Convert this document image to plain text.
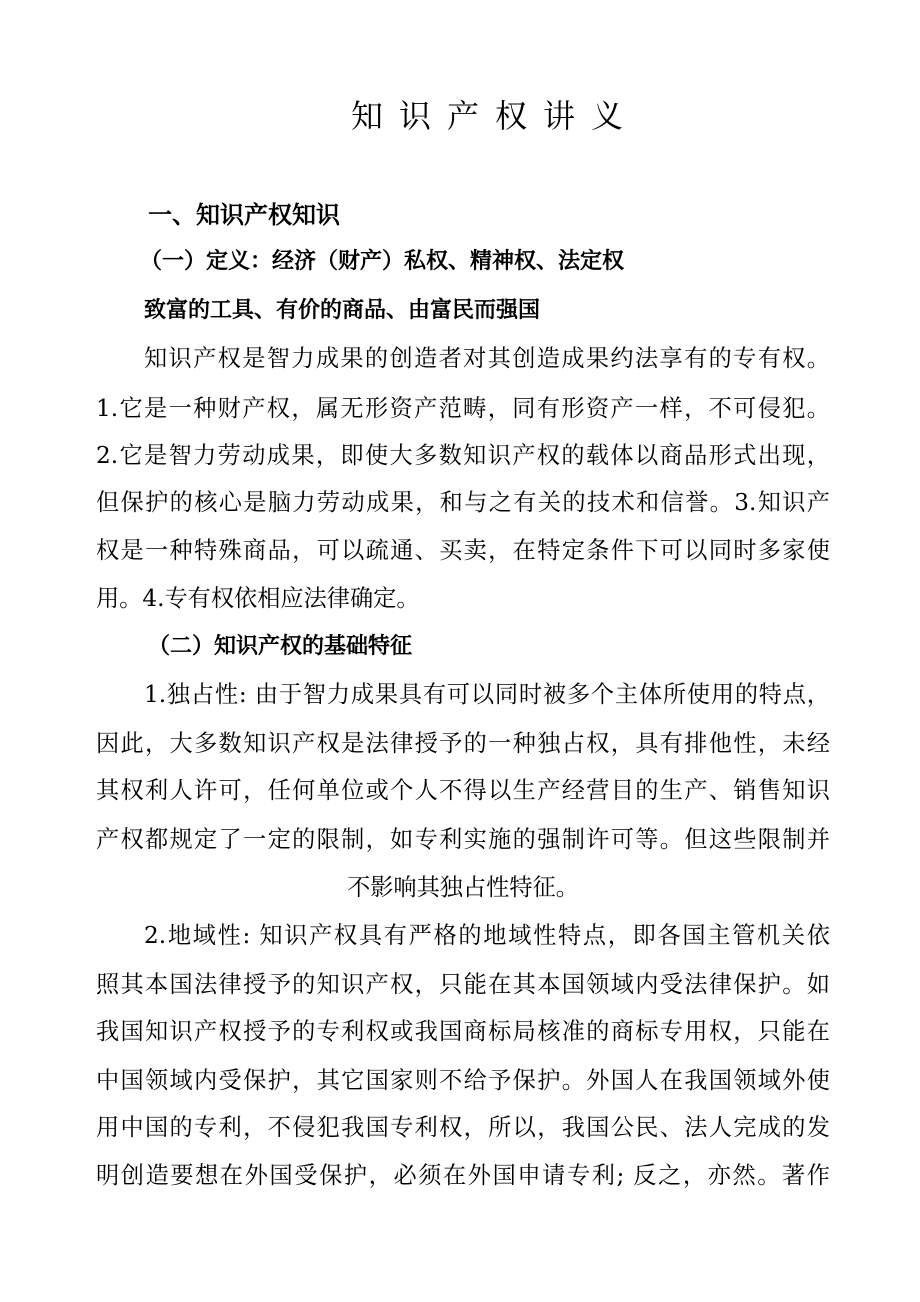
知识产权讲义
一、知识产权知识
（一）定义：经济（财产）私权、精神权、法定权
致富的工具、有价的商品、由富民而强国
知识产权是智力成果的创造者对其创造成果约法享有的专有权。
1.它是一种财产权，属无形资产范畴，同有形资产一样，不可侵犯。
2.它是智力劳动成果，即使大多数知识产权的载体以商品形式出现，
但保护的核心是脑力劳动成果，和与之有关的技术和信誉。3.知识产
权是一种特殊商品，可以疏通、买卖，在特定条件下可以同时多家使
用。4.专有权依相应法律确定。
（二）知识产权的基础特征
1.独占性: 由于智力成果具有可以同时被多个主体所使用的特点，
因此，大多数知识产权是法律授予的一种独占权，具有排他性，未经
其权利人许可，任何单位或个人不得以生产经营目的生产、销售知识
产权都规定了一定的限制，如专利实施的强制许可等。但这些限制并
不影响其独占性特征。
2.地域性: 知识产权具有严格的地域性特点，即各国主管机关依
照其本国法律授予的知识产权，只能在其本国领域内受法律保护。如
我国知识产权授予的专利权或我国商标局核准的商标专用权，只能在
中国领域内受保护，其它国家则不给予保护。外国人在我国领域外使
用中国的专利，不侵犯我国专利权，所以，我国公民、法人完成的发
明创造要想在外国受保护，必须在外国申请专利; 反之，亦然。著作
